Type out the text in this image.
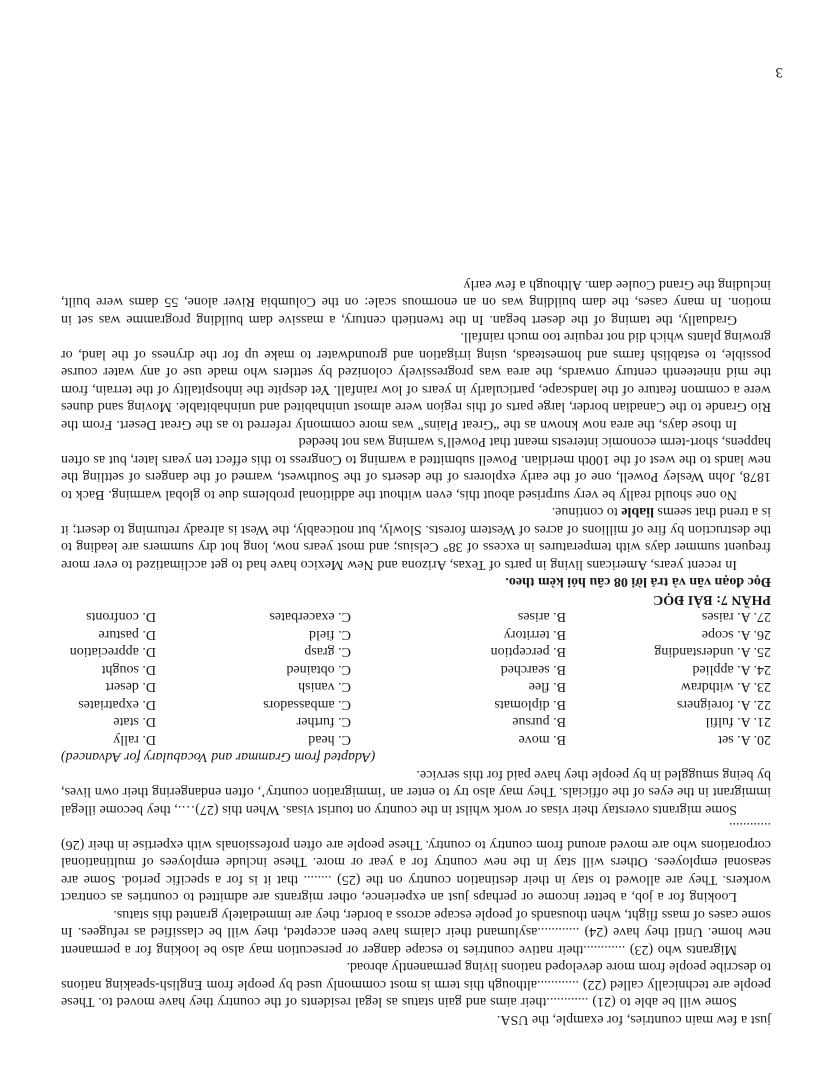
just a few main countries, for example, the USA.

Some will be able to (21) ............their aims and gain status as legal residents of the country they have moved to. These people are technically called (22) ............although this term is most commonly used by people from English-speaking nations to describe people from more developed nations living permanently abroad.

Migrants who (23) ............their native countries to escape danger or persecution may also be looking for a permanent new home. Until they have (24) ............asylumand their claims have been accepted, they will be classified as refugees. In some cases of mass flight, when thousands of people escape across a border, they are immediately granted this status.

Looking for a job, a better income or perhaps just an experience, other migrants are admitted to countries as contract workers. They are allowed to stay in their destination country on the (25) ........ that it is for a specific period. Some are seasonal employees. Others will stay in the new country for a year or more. These include employees of multinational corporations who are moved around from country to country. These people are often professionals with expertise in their (26) ............

Some migrants overstay their visas or work whilst in the country on tourist visas. When this (27)…., they become illegal immigrant in the eyes of the officials. They may also try to enter an ‘immigration country’, often endangering their own lives, by being smuggled in by people they have paid for this service.

(Adapted from Grammar and Vocabulary for Advanced)

20. A. set
B. move
C. head
D. rally
21. A. fulfil
B. pursue
C. further
D. state
22. A. foreigners
B. diplomats
C. ambassadors
D. expatriates
23. A. withdraw
B. flee
C. vanish
D. desert
24. A. applied
B. searched
C. obtained
D. sought
25. A. understanding
B. perception
C. grasp
D. appreciation
26. A. scope
B. territory
C. field
D. pasture
27. A. raises
B. arises
C. exacerbates
D. confronts

PHẦN 7: BÀI ĐỌC

Đọc đoạn văn và trả lời 08 câu hỏi kèm theo.

In recent years, Americans living in parts of Texas, Arizona and New Mexico have had to get acclimatized to ever more frequent summer days with temperatures in excess of 38° Celsius; and most years now, long hot dry summers are leading to the destruction by fire of millions of acres of Western forests. Slowly, but noticeably, the West is already returning to desert; it is a trend that seems liable to continue.

No one should really be very surprised about this, even without the additional problems due to global warming. Back to 1878, John Wesley Powell, one of the early explorers of the deserts of the Southwest, warned of the dangers of settling the new lands to the west of the 100th meridian. Powell submitted a warning to Congress to this effect ten years later, but as often happens, short-term economic interests meant that Powell’s warning was not heeded

In those days, the area now known as the “Great Plains” was more commonly referred to as the Great Desert. From the Rio Grande to the Canadian border, large parts of this region were almost uninhabited and uninhabitable. Moving sand dunes were a common feature of the landscape, particularly in years of low rainfall. Yet despite the inhospitality of the terrain, from the mid nineteenth century onwards, the area was progressively colonized by settlers who made use of any water course possible, to establish farms and homesteads, using irrigation and groundwater to make up for the dryness of the land, or growing plants which did not require too much rainfall.

Gradually, the taming of the desert began. In the twentieth century, a massive dam building programme was set in motion. In many cases, the dam building was on an enormous scale: on the Columbia River alone, 55 dams were built, including the Grand Coulee dam. Although a few early

3
